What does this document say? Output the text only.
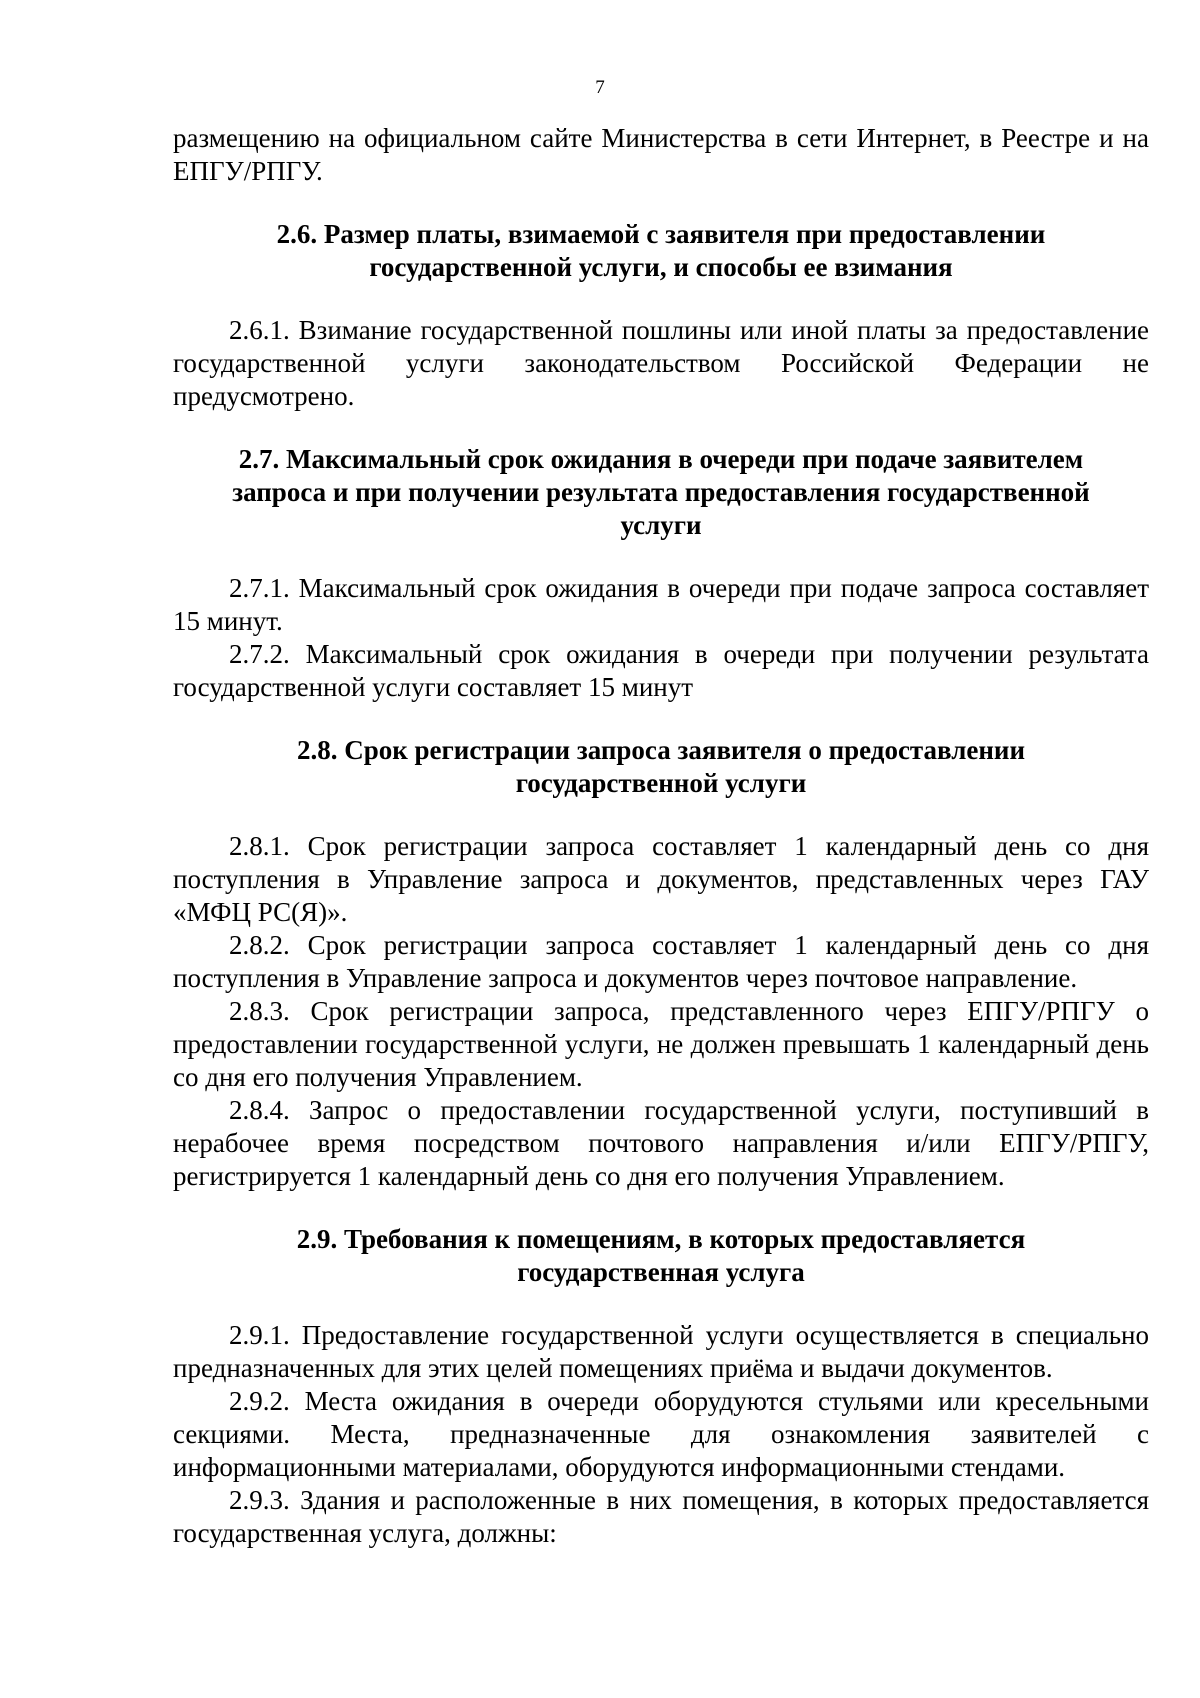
7

размещению на официальном сайте Министерства в сети Интернет, в Реестре и на ЕПГУ/РПГУ.

2.6. Размер платы, взимаемой с заявителя при предоставлении государственной услуги, и способы ее взимания

2.6.1. Взимание государственной пошлины или иной платы за предоставление государственной услуги законодательством Российской Федерации не предусмотрено.

2.7. Максимальный срок ожидания в очереди при подаче заявителем запроса и при получении результата предоставления государственной услуги

2.7.1. Максимальный срок ожидания в очереди при подаче запроса составляет 15 минут.

2.7.2. Максимальный срок ожидания в очереди при получении результата государственной услуги составляет 15 минут

2.8. Срок регистрации запроса заявителя о предоставлении государственной услуги

2.8.1. Срок регистрации запроса составляет 1 календарный день со дня поступления в Управление запроса и документов, представленных через ГАУ «МФЦ РС(Я)».

2.8.2. Срок регистрации запроса составляет 1 календарный день со дня поступления в Управление запроса и документов через почтовое направление.

2.8.3. Срок регистрации запроса, представленного через ЕПГУ/РПГУ о предоставлении государственной услуги, не должен превышать 1 календарный день со дня его получения Управлением.

2.8.4. Запрос о предоставлении государственной услуги, поступивший в нерабочее время посредством почтового направления и/или ЕПГУ/РПГУ, регистрируется 1 календарный день со дня его получения Управлением.

2.9. Требования к помещениям, в которых предоставляется государственная услуга

2.9.1. Предоставление государственной услуги осуществляется в специально предназначенных для этих целей помещениях приёма и выдачи документов.

2.9.2. Места ожидания в очереди оборудуются стульями или кресельными секциями. Места, предназначенные для ознакомления заявителей с информационными материалами, оборудуются информационными стендами.

2.9.3. Здания и расположенные в них помещения, в которых предоставляется государственная услуга, должны:
